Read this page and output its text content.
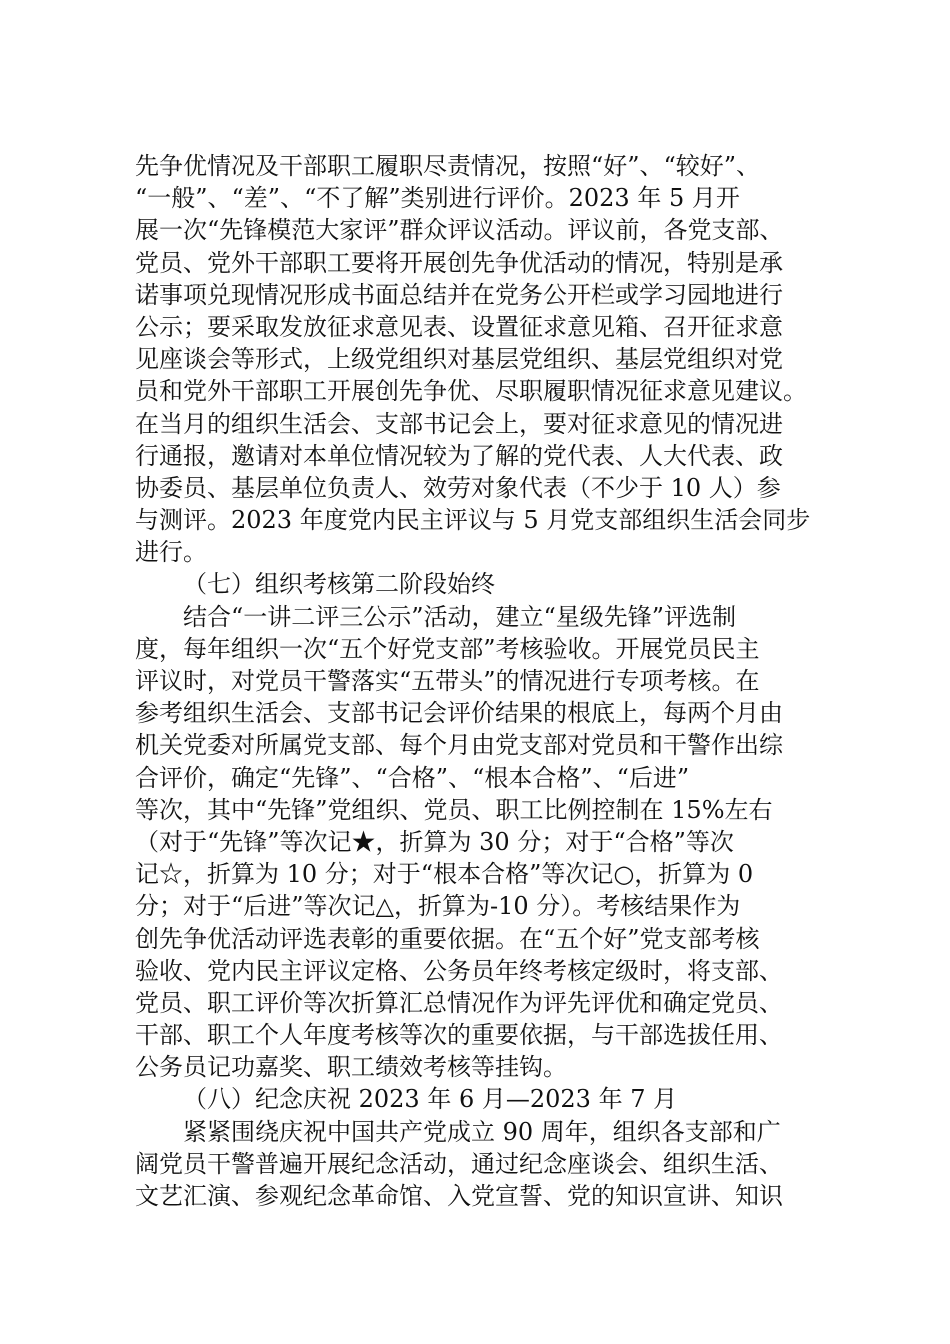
先争优情况及干部职工履职尽责情况，按照“好”、“较好”、
“一般”、“差”、“不了解”类别进行评价。2023 年 5 月开
展一次“先锋模范大家评”群众评议活动。评议前，各党支部、
党员、党外干部职工要将开展创先争优活动的情况，特别是承
诺事项兑现情况形成书面总结并在党务公开栏或学习园地进行
公示；要采取发放征求意见表、设置征求意见箱、召开征求意
见座谈会等形式，上级党组织对基层党组织、基层党组织对党
员和党外干部职工开展创先争优、尽职履职情况征求意见建议。
在当月的组织生活会、支部书记会上，要对征求意见的情况进
行通报，邀请对本单位情况较为了解的党代表、人大代表、政
协委员、基层单位负责人、效劳对象代表（不少于 10 人）参
与测评。2023 年度党内民主评议与 5 月党支部组织生活会同步
进行。
（七）组织考核第二阶段始终
结合“一讲二评三公示”活动，建立“星级先锋”评选制
度，每年组织一次“五个好党支部”考核验收。开展党员民主
评议时，对党员干警落实“五带头”的情况进行专项考核。在
参考组织生活会、支部书记会评价结果的根底上，每两个月由
机关党委对所属党支部、每个月由党支部对党员和干警作出综
合评价，确定“先锋”、“合格”、“根本合格”、“后进”
等次，其中“先锋”党组织、党员、职工比例控制在 15%左右
（对于“先锋”等次记★，折算为 30 分；对于“合格”等次
记☆，折算为 10 分；对于“根本合格”等次记○，折算为 0
分；对于“后进”等次记△，折算为-10 分）。考核结果作为
创先争优活动评选表彰的重要依据。在“五个好”党支部考核
验收、党内民主评议定格、公务员年终考核定级时，将支部、
党员、职工评价等次折算汇总情况作为评先评优和确定党员、
干部、职工个人年度考核等次的重要依据，与干部选拔任用、
公务员记功嘉奖、职工绩效考核等挂钩。
（八）纪念庆祝 2023 年 6 月—2023 年 7 月
紧紧围绕庆祝中国共产党成立 90 周年，组织各支部和广
阔党员干警普遍开展纪念活动，通过纪念座谈会、组织生活、
文艺汇演、参观纪念革命馆、入党宣誓、党的知识宣讲、知识
